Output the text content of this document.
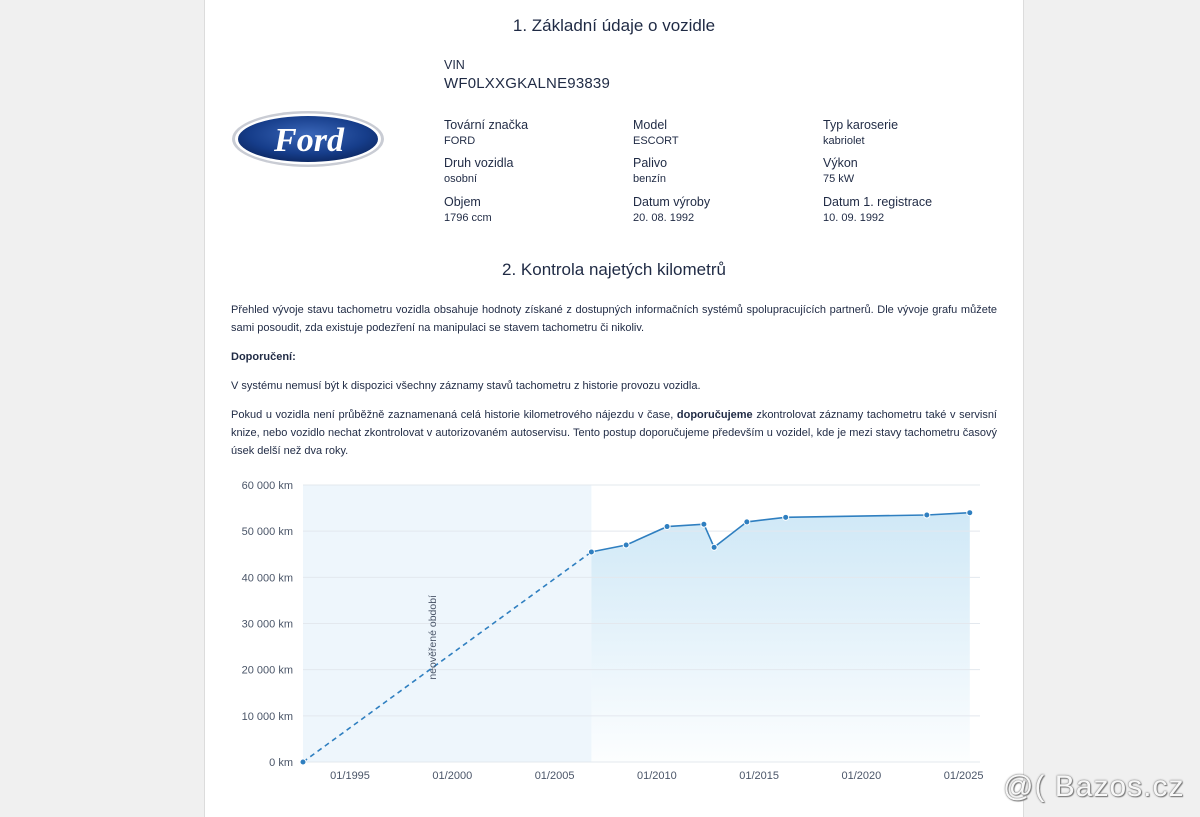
1. Základní údaje o vozidle
VIN
WF0LXXGKALNE93839
Ford	Tovární značka
FORD
Model
ESCORT
Typ karoserie
kabriolet
Druh vozidla
osobní
Palivo
benzín
Výkon
75 kW
Objem
1796 ccm
Datum výroby
20. 08. 1992
Datum 1. registrace
10. 09. 1992
2. Kontrola najetých kilometrů
Přehled vývoje stavu tachometru vozidla obsahuje hodnoty získané z dostupných informačních systémů spolupracujících partnerů. Dle vývoje grafu můžete sami posoudit, zda existuje podezření na manipulaci se stavem tachometru či nikoliv.
Doporučení:
V systému nemusí být k dispozici všechny záznamy stavů tachometru z historie provozu vozidla.
Pokud u vozidla není průběžně zaznamenaná celá historie kilometrového nájezdu v čase, doporučujeme zkontrolovat záznamy tachometru také v servisní knize, nebo vozidlo nechat zkontrolovat v autorizovaném autoservisu. Tento postup doporučujeme především u vozidel, kde je mezi stavy tachometru časový úsek delší než dva roky.
0 km
10 000 km
20 000 km
30 000 km
40 000 km
50 000 km
60 000 km
01/1995	01/2000	01/2005	01/2010	01/2015	01/2020	01/2025
neověřené období
@( Bazos.cz
